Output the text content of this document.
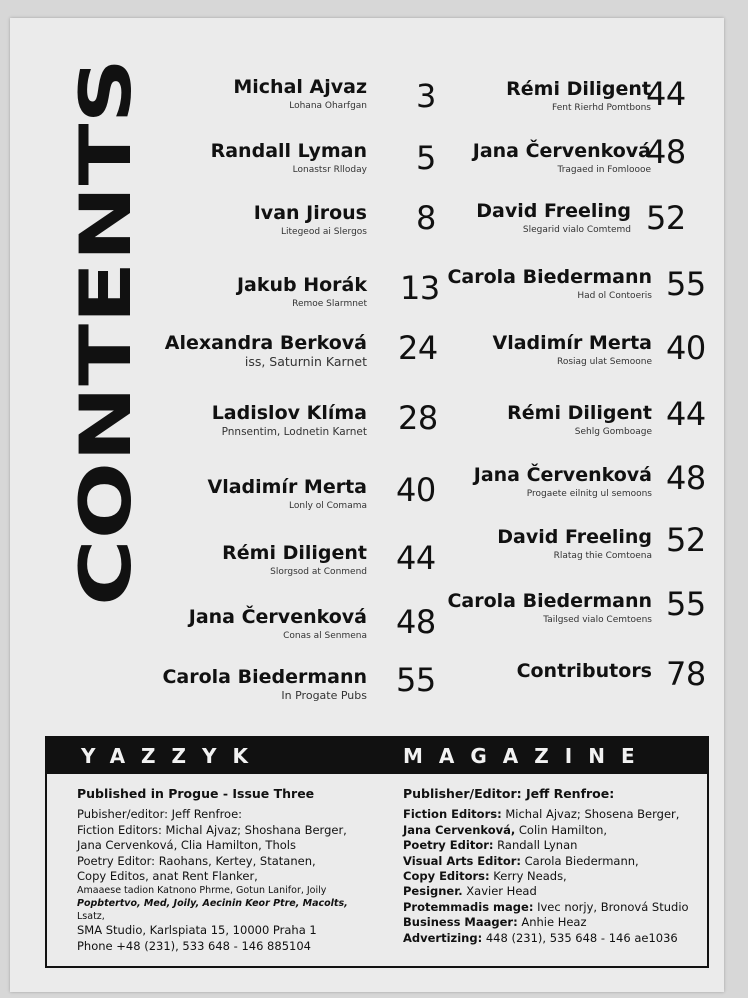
CONTENTS
Michal Ajvaz
Lohana Oharfgan 3
Randall Lyman
Lonastsr Rlloday 5
Ivan Jirous
Litegeod ai Slergos 8
Jakub Horák
Remoe Slarmnet 13
Alexandra Berková
iss, Saturnin Karnet 24
Ladislov Klíma
Pnnsentim, Lodnetin Karnet 28
Vladimír Merta
Lonly ol Comama 40
Rémi Diligent
Slorgsod at Conmend 44
Jana Červenková
Conas al Senmena 48
Carola Biedermann
In Progate Pubs 55
Rémi Diligent
Fent Rierhd Pomtbons
44
Jana Červenková
Tragaed in Fomloooe
48
David Freeling
Slegarid vialo Comtemd 52
Carola Biedermann
Had ol Contoeris 55
Vladimír Merta
Rosiag ulat Semoone 40
Rémi Diligent
Sehlg Gomboage 44
Jana Červenková
Progaete eilnitg ul semoons 48
David Freeling
Rlatag thie Comtoena 52
Carola Biedermann
Tailgsed vialo Cemtoens 55
Contributors 78
YAZZYK	MAGAZINE
Published in Progue - Issue Three
Pubisher/editor: Jeff Renfroe:
Fiction Editors: Michal Ajvaz; Shoshana Berger,
Jana Cervenková, Clia Hamilton, Thols
Poetry Editor: Raohans, Kertey, Statanen,
Copy Editos, anat Rent Flanker,
Amaaese tadion Katnono Phrme, Gotun Lanifor, Joily
Popbtertvo, Med, Joily, Aecinin Keor Ptre, Macolts,
Lsatz,
SMA Studio, Karlspiata 15, 10000 Praha 1
Phone +48 (231), 533 648 - 146 885104
Publisher/Editor: Jeff Renfroe:
Fiction Editors: Michal Ajvaz; Shosena Berger,
Jana Cervenková, Colin Hamilton,
Poetry Editor: Randall Lynan
Visual Arts Editor: Carola Biedermann,
Copy Editors: Kerry Neads,
Pesigner. Xavier Head
Protemmadis mage: Ivec norjy, Bronová Studio
Business Maager: Anhie Heaz
Advertizing: 448 (231), 535 648 - 146 ae1036
